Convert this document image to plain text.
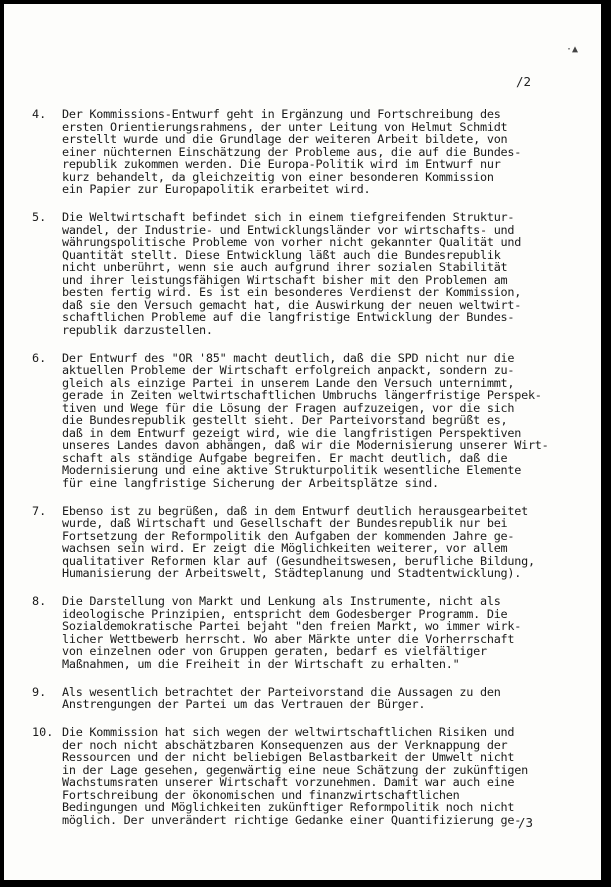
·▲
/2
4.	Der Kommissions-Entwurf geht in Ergänzung und Fortschreibung des
ersten Orientierungsrahmens, der unter Leitung von Helmut Schmidt
erstellt wurde und die Grundlage der weiteren Arbeit bildete, von
einer nüchternen Einschätzung der Probleme aus, die auf die Bundes-
republik zukommen werden. Die Europa-Politik wird im Entwurf nur
kurz behandelt, da gleichzeitig von einer besonderen Kommission
ein Papier zur Europapolitik erarbeitet wird.
5.	Die Weltwirtschaft befindet sich in einem tiefgreifenden Struktur-
wandel, der Industrie- und Entwicklungsländer vor wirtschafts- und
währungspolitische Probleme von vorher nicht gekannter Qualität und
Quantität stellt. Diese Entwicklung läßt auch die Bundesrepublik
nicht unberührt, wenn sie auch aufgrund ihrer sozialen Stabilität
und ihrer leistungsfähigen Wirtschaft bisher mit den Problemen am
besten fertig wird. Es ist ein besonderes Verdienst der Kommission,
daß sie den Versuch gemacht hat, die Auswirkung der neuen weltwirt-
schaftlichen Probleme auf die langfristige Entwicklung der Bundes-
republik darzustellen.
6.	Der Entwurf des "OR '85" macht deutlich, daß die SPD nicht nur die
aktuellen Probleme der Wirtschaft erfolgreich anpackt, sondern zu-
gleich als einzige Partei in unserem Lande den Versuch unternimmt,
gerade in Zeiten weltwirtschaftlichen Umbruchs längerfristige Perspek-
tiven und Wege für die Lösung der Fragen aufzuzeigen, vor die sich
die Bundesrepublik gestellt sieht. Der Parteivorstand begrüßt es,
daß in dem Entwurf gezeigt wird, wie die langfristigen Perspektiven
unseres Landes davon abhängen, daß wir die Modernisierung unserer Wirt-
schaft als ständige Aufgabe begreifen. Er macht deutlich, daß die
Modernisierung und eine aktive Strukturpolitik wesentliche Elemente
für eine langfristige Sicherung der Arbeitsplätze sind.
7.	Ebenso ist zu begrüßen, daß in dem Entwurf deutlich herausgearbeitet
wurde, daß Wirtschaft und Gesellschaft der Bundesrepublik nur bei
Fortsetzung der Reformpolitik den Aufgaben der kommenden Jahre ge-
wachsen sein wird. Er zeigt die Möglichkeiten weiterer, vor allem
qualitativer Reformen klar auf (Gesundheitswesen, berufliche Bildung,
Humanisierung der Arbeitswelt, Städteplanung und Stadtentwicklung).
8.	Die Darstellung von Markt und Lenkung als Instrumente, nicht als
ideologische Prinzipien, entspricht dem Godesberger Programm. Die
Sozialdemokratische Partei bejaht "den freien Markt, wo immer wirk-
licher Wettbewerb herrscht. Wo aber Märkte unter die Vorherrschaft
von einzelnen oder von Gruppen geraten, bedarf es vielfältiger
Maßnahmen, um die Freiheit in der Wirtschaft zu erhalten."
9.	Als wesentlich betrachtet der Parteivorstand die Aussagen zu den
Anstrengungen der Partei um das Vertrauen der Bürger.
10. Die Kommission hat sich wegen der weltwirtschaftlichen Risiken und
der noch nicht abschätzbaren Konsequenzen aus der Verknappung der
Ressourcen und der nicht beliebigen Belastbarkeit der Umwelt nicht
in der Lage gesehen, gegenwärtig eine neue Schätzung der zukünftigen
Wachstumsraten unserer Wirtschaft vorzunehmen. Damit war auch eine
Fortschreibung der ökonomischen und finanzwirtschaftlichen
Bedingungen und Möglichkeiten zukünftiger Reformpolitik noch nicht
möglich. Der unverändert richtige Gedanke einer Quantifizierung ge-
/3
